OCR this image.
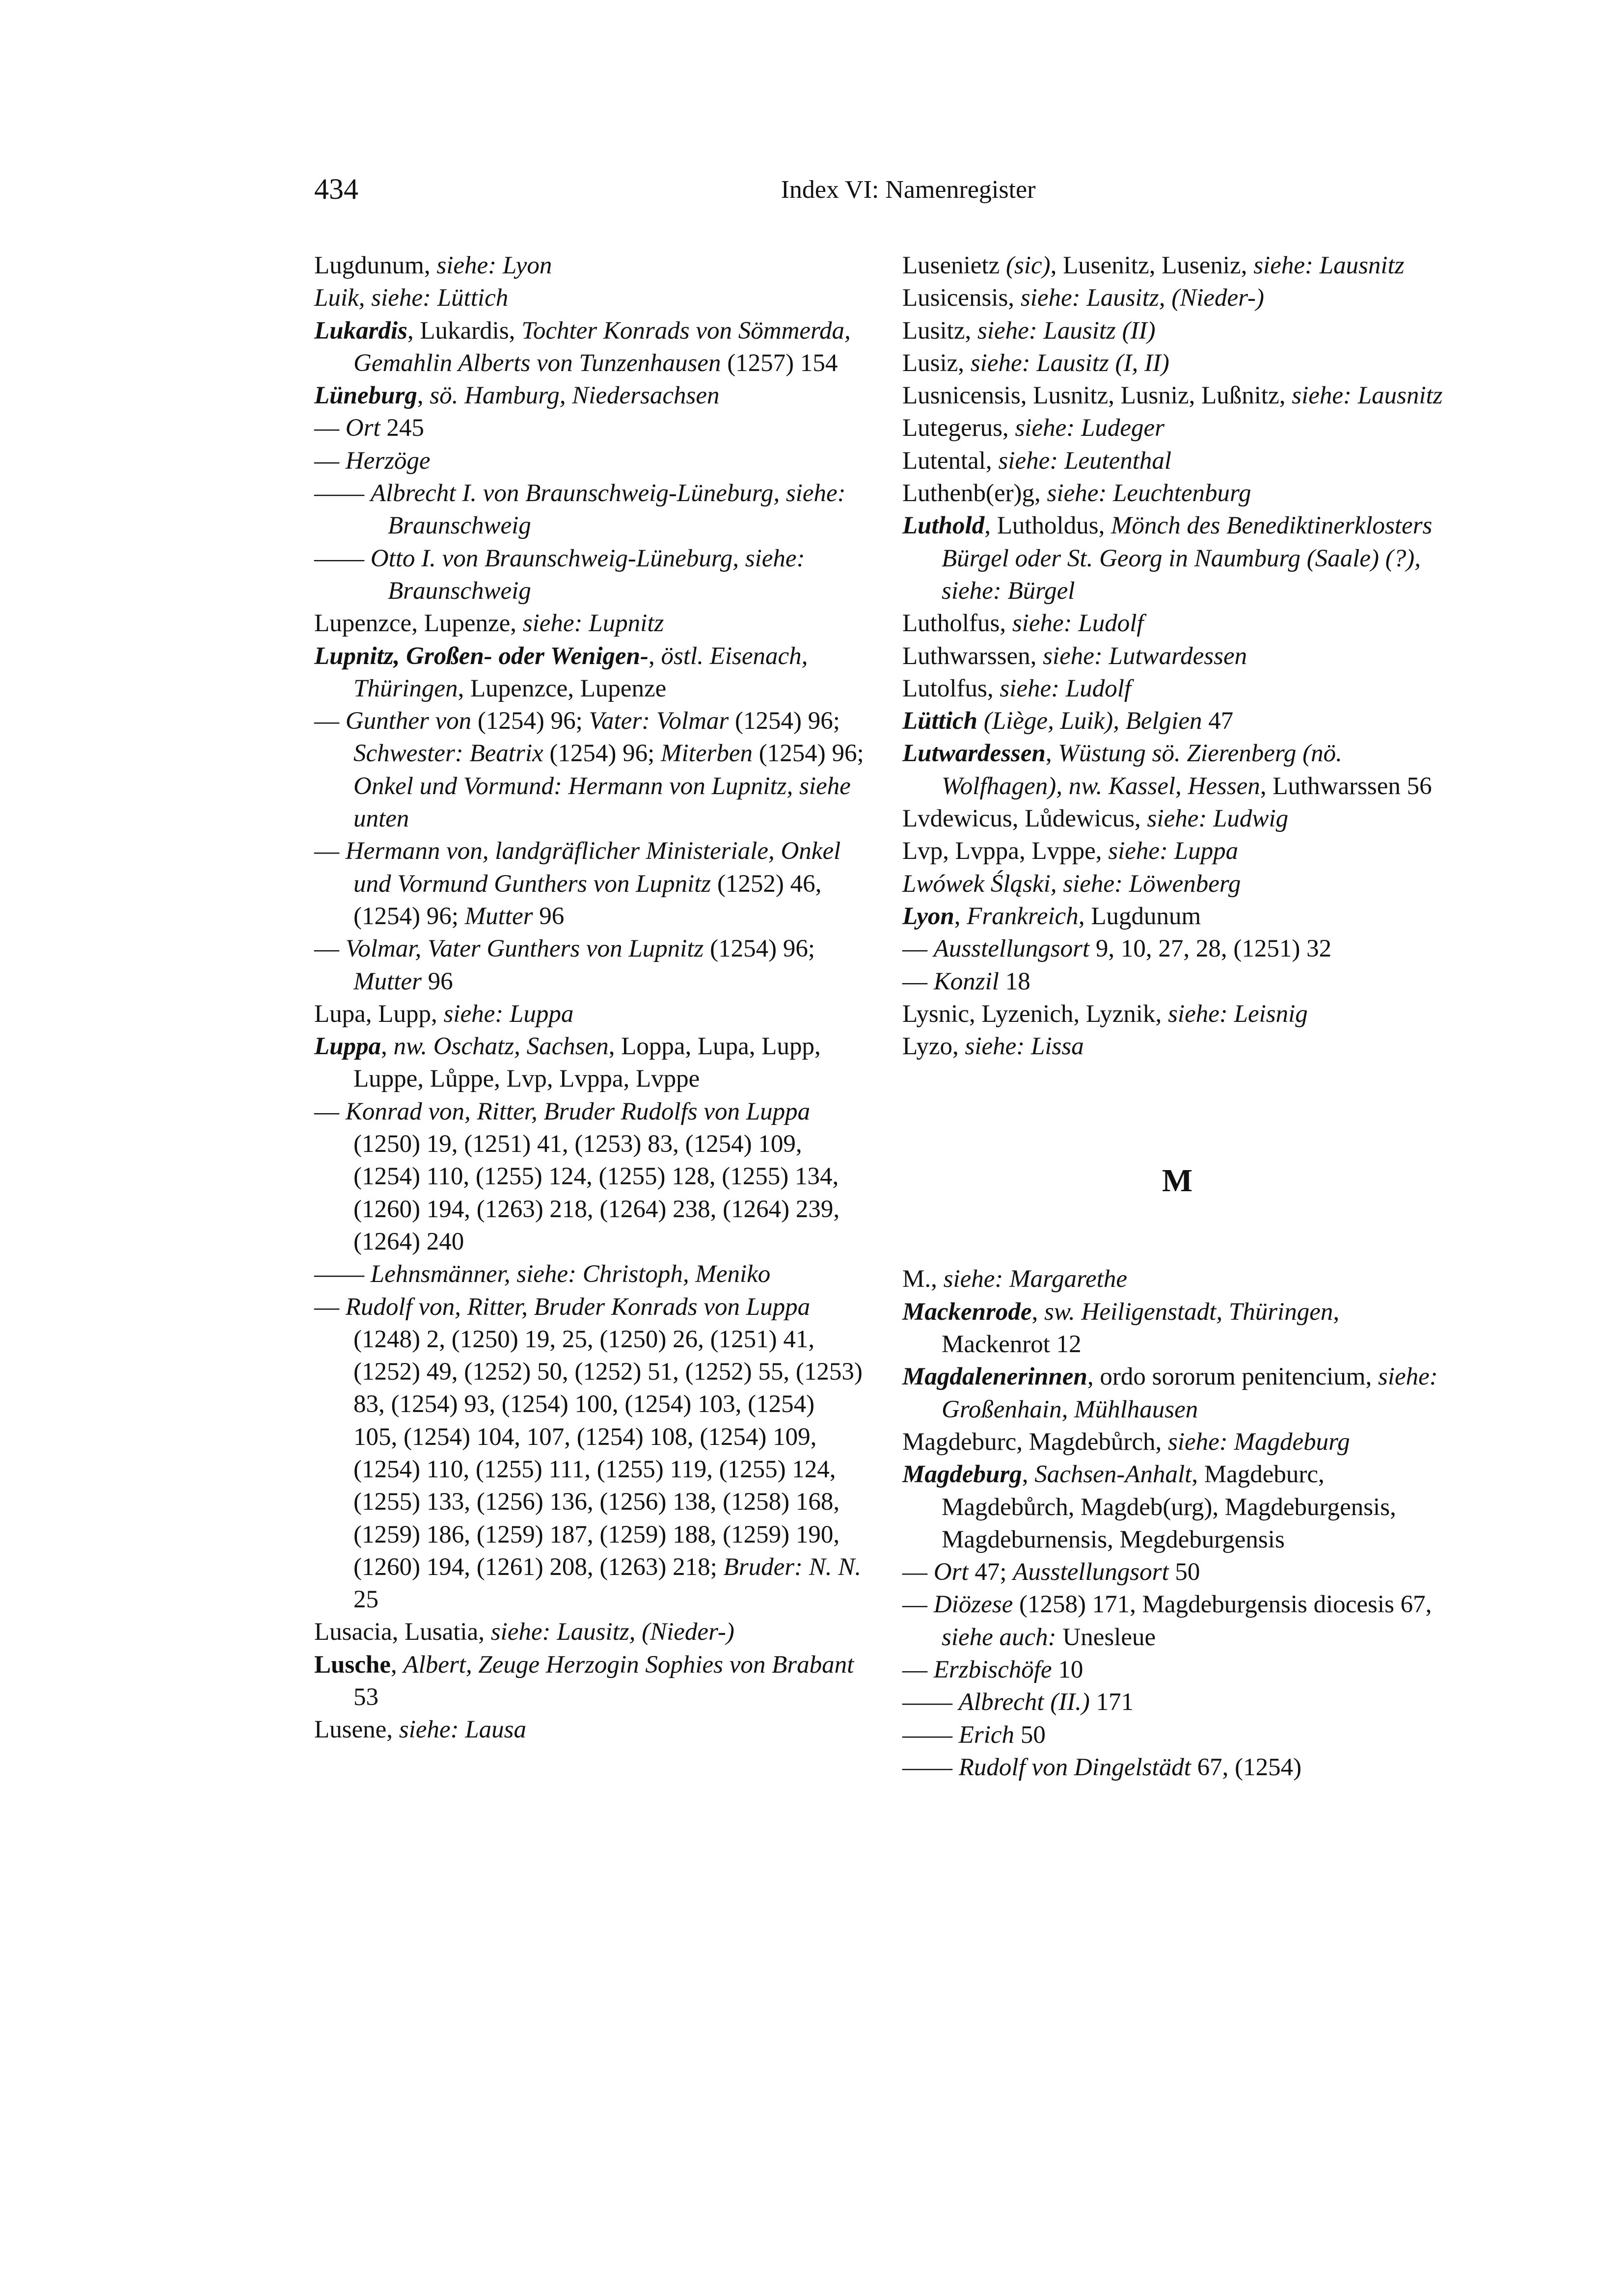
434	Index VI: Namenregister
Lugdunum, siehe: Lyon
Luik, siehe: Lüttich
Lukardis, Lukardis, Tochter Konrads von Sömmerda, Gemahlin Alberts von Tunzenhausen (1257) 154
Lüneburg, sö. Hamburg, Niedersachsen
— Ort 245
— Herzöge
—— Albrecht I. von Braunschweig-Lüneburg, siehe: Braunschweig
—— Otto I. von Braunschweig-Lüneburg, siehe: Braunschweig
Lupenzce, Lupenze, siehe: Lupnitz
Lupnitz, Großen- oder Wenigen-, östl. Eisenach, Thüringen, Lupenzce, Lupenze
— Gunther von (1254) 96; Vater: Volmar (1254) 96; Schwester: Beatrix (1254) 96; Miterben (1254) 96; Onkel und Vormund: Hermann von Lupnitz, siehe unten
— Hermann von, landgräflicher Ministeriale, Onkel und Vormund Gunthers von Lupnitz (1252) 46, (1254) 96; Mutter 96
— Volmar, Vater Gunthers von Lupnitz (1254) 96; Mutter 96
Lupa, Lupp, siehe: Luppa
Luppa, nw. Oschatz, Sachsen, Loppa, Lupa, Lupp, Luppe, Lůppe, Lvp, Lvppa, Lvppe
— Konrad von, Ritter, Bruder Rudolfs von Luppa (1250) 19, (1251) 41, (1253) 83, (1254) 109, (1254) 110, (1255) 124, (1255) 128, (1255) 134, (1260) 194, (1263) 218, (1264) 238, (1264) 239, (1264) 240
—— Lehnsmänner, siehe: Christoph, Meniko
— Rudolf von, Ritter, Bruder Konrads von Luppa (1248) 2, (1250) 19, 25, (1250) 26, (1251) 41, (1252) 49, (1252) 50, (1252) 51, (1252) 55, (1253) 83, (1254) 93, (1254) 100, (1254) 103, (1254) 105, (1254) 104, 107, (1254) 108, (1254) 109, (1254) 110, (1255) 111, (1255) 119, (1255) 124, (1255) 133, (1256) 136, (1256) 138, (1258) 168, (1259) 186, (1259) 187, (1259) 188, (1259) 190, (1260) 194, (1261) 208, (1263) 218; Bruder: N. N. 25
Lusacia, Lusatia, siehe: Lausitz, (Nieder-)
Lusche, Albert, Zeuge Herzogin Sophies von Brabant 53
Lusene, siehe: Lausa
Lusenietz (sic), Lusenitz, Luseniz, siehe: Lausnitz
Lusicensis, siehe: Lausitz, (Nieder-)
Lusitz, siehe: Lausitz (II)
Lusiz, siehe: Lausitz (I, II)
Lusnicensis, Lusnitz, Lusniz, Lußnitz, siehe: Lausnitz
Lutegerus, siehe: Ludeger
Lutental, siehe: Leutenthal
Luthenb(er)g, siehe: Leuchtenburg
Luthold, Lutholdus, Mönch des Benediktinerklosters Bürgel oder St. Georg in Naumburg (Saale) (?), siehe: Bürgel
Lutholfus, siehe: Ludolf
Luthwarssen, siehe: Lutwardessen
Lutolfus, siehe: Ludolf
Lüttich (Liège, Luik), Belgien 47
Lutwardessen, Wüstung sö. Zierenberg (nö. Wolfhagen), nw. Kassel, Hessen, Luthwarssen 56
Lvdewicus, Lůdewicus, siehe: Ludwig
Lvp, Lvppa, Lvppe, siehe: Luppa
Lwówek Śląski, siehe: Löwenberg
Lyon, Frankreich, Lugdunum
— Ausstellungsort 9, 10, 27, 28, (1251) 32
— Konzil 18
Lysnic, Lyzenich, Lyznik, siehe: Leisnig
Lyzo, siehe: Lissa
M
M., siehe: Margarethe
Mackenrode, sw. Heiligenstadt, Thüringen, Mackenrot 12
Magdalenerinnen, ordo sororum penitencium, siehe: Großenhain, Mühlhausen
Magdeburc, Magdebůrch, siehe: Magdeburg
Magdeburg, Sachsen-Anhalt, Magdeburc, Magdebůrch, Magdeb(urg), Magdeburgensis, Magdeburnensis, Megdeburgensis
— Ort 47; Ausstellungsort 50
— Diözese (1258) 171, Magdeburgensis diocesis 67, siehe auch: Unesleue
— Erzbischöfe 10
—— Albrecht (II.) 171
—— Erich 50
—— Rudolf von Dingelstädt 67, (1254)
